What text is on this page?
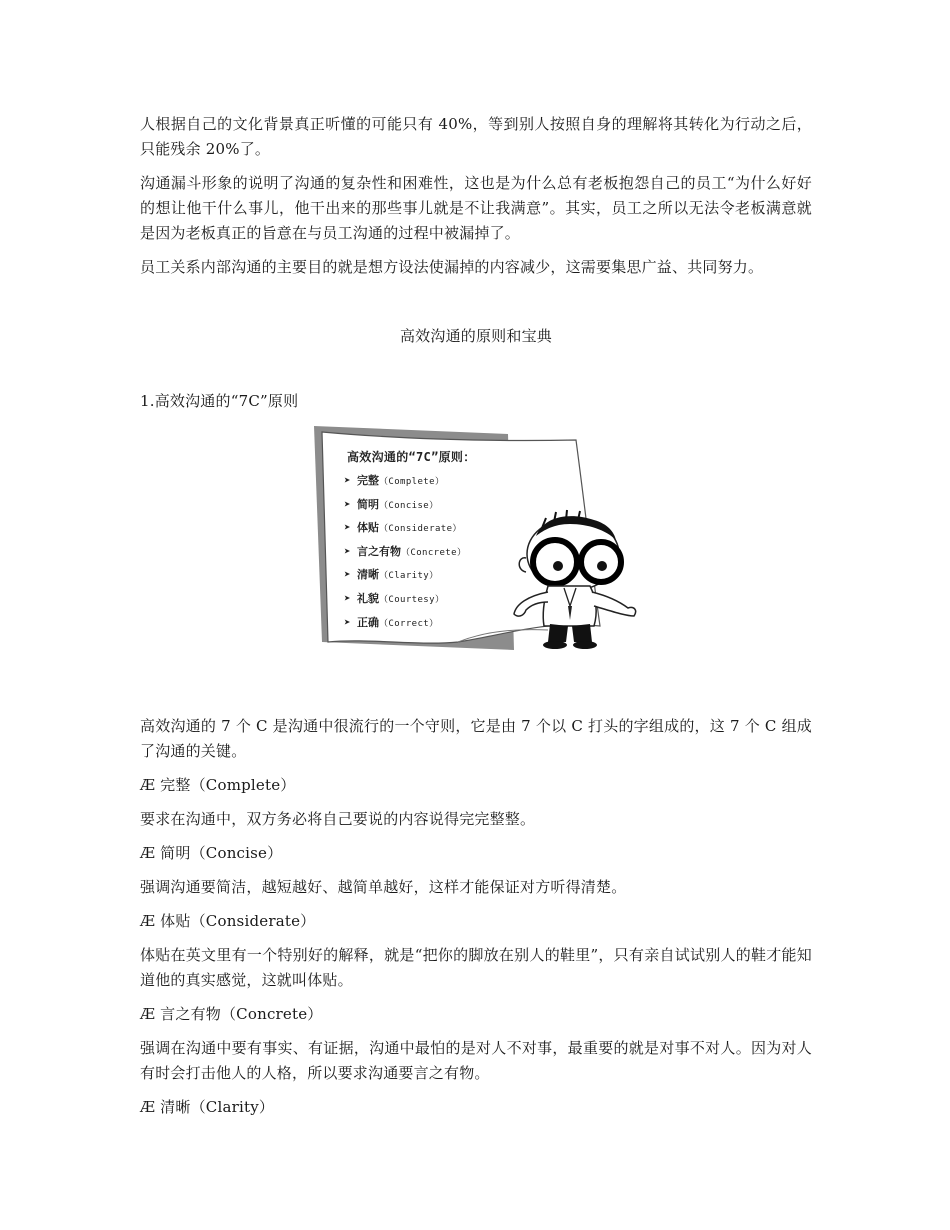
人根据自己的文化背景真正听懂的可能只有 40%，等到别人按照自身的理解将其转化为行动之后，只能残余 20%了。

沟通漏斗形象的说明了沟通的复杂性和困难性，这也是为什么总有老板抱怨自己的员工“为什么好好的想让他干什么事儿，他干出来的那些事儿就是不让我满意”。其实，员工之所以无法令老板满意就是因为老板真正的旨意在与员工沟通的过程中被漏掉了。

员工关系内部沟通的主要目的就是想方设法使漏掉的内容减少，这需要集思广益、共同努力。

高效沟通的原则和宝典

1.高效沟通的“7C”原则

高效沟通的“7C”原则：
➤ 完整（Complete）
➤ 简明（Concise）
➤ 体贴（Considerate）
➤ 言之有物（Concrete）
➤ 清晰（Clarity）
➤ 礼貌（Courtesy）
➤ 正确（Correct）

高效沟通的 7 个 C 是沟通中很流行的一个守则，它是由 7 个以 C 打头的字组成的，这 7 个 C 组成了沟通的关键。

Æ 完整（Complete）

要求在沟通中，双方务必将自己要说的内容说得完完整整。

Æ 简明（Concise）

强调沟通要简洁，越短越好、越简单越好，这样才能保证对方听得清楚。

Æ 体贴（Considerate）

体贴在英文里有一个特别好的解释，就是“把你的脚放在别人的鞋里”，只有亲自试试别人的鞋才能知道他的真实感觉，这就叫体贴。

Æ 言之有物（Concrete）

强调在沟通中要有事实、有证据，沟通中最怕的是对人不对事，最重要的就是对事不对人。因为对人有时会打击他人的人格，所以要求沟通要言之有物。

Æ 清晰（Clarity）
